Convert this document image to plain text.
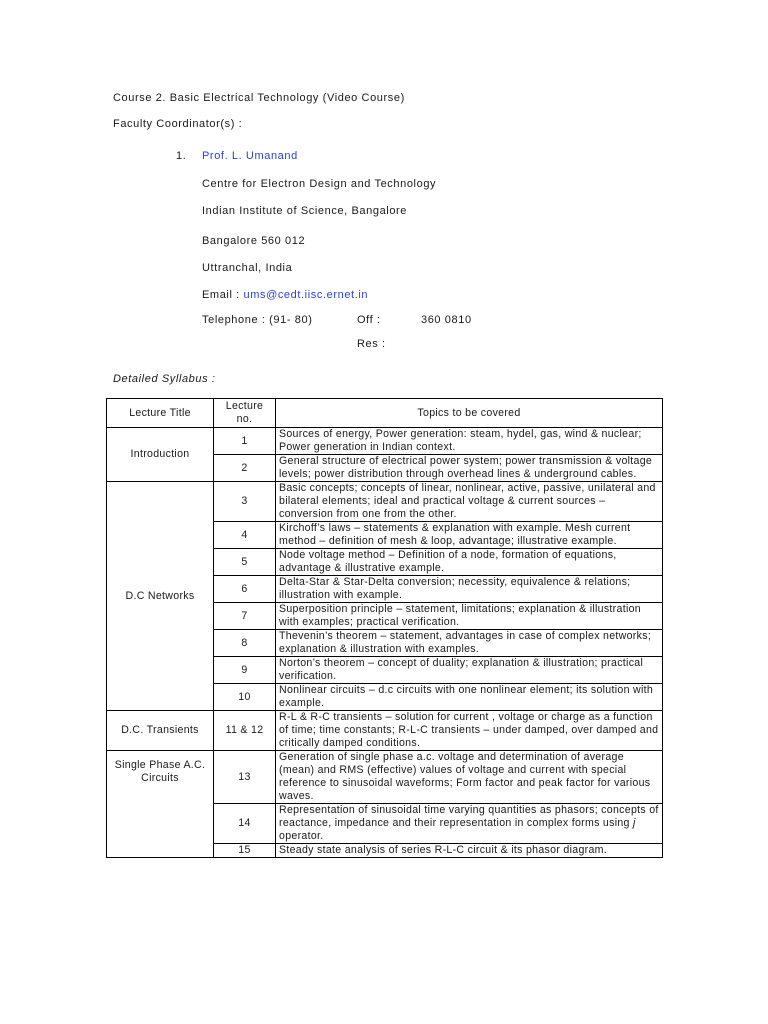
Course 2. Basic Electrical Technology (Video Course)
Faculty Coordinator(s) :
1. Prof. L. Umanand
Centre for Electron Design and Technology
Indian Institute of Science, Bangalore
Bangalore 560 012
Uttranchal, India
Email : ums@cedt.iisc.ernet.in
Telephone : (91- 80)	Off :	360 0810
Res :
Detailed Syllabus :
Lecture Title	Lecture no.	Topics to be covered
Introduction	1	Sources of energy, Power generation: steam, hydel, gas, wind & nuclear; Power generation in Indian context.
	2	General structure of electrical power system; power transmission & voltage levels; power distribution through overhead lines & underground cables.
D.C Networks	3	Basic concepts; concepts of linear, nonlinear, active, passive, unilateral and bilateral elements; ideal and practical voltage & current sources – conversion from one from the other.
	4	Kirchoff’s laws – statements & explanation with example. Mesh current method – definition of mesh & loop, advantage; illustrative example.
	5	Node voltage method – Definition of a node, formation of equations, advantage & illustrative example.
	6	Delta-Star & Star-Delta conversion; necessity, equivalence & relations; illustration with example.
	7	Superposition principle – statement, limitations; explanation & illustration with examples; practical verification.
	8	Thevenin’s theorem – statement, advantages in case of complex networks; explanation & illustration with examples.
	9	Norton’s theorem – concept of duality; explanation & illustration; practical verification.
	10	Nonlinear circuits – d.c circuits with one nonlinear element; its solution with example.
D.C. Transients	11 & 12	R-L & R-C transients – solution for current , voltage or charge as a function of time; time constants; R-L-C transients – under damped, over damped and critically damped conditions.
Single Phase A.C. Circuits	13	Generation of single phase a.c. voltage and determination of average (mean) and RMS (effective) values of voltage and current with special reference to sinusoidal waveforms; Form factor and peak factor for various waves.
	14	Representation of sinusoidal time varying quantities as phasors; concepts of reactance, impedance and their representation in complex forms using j operator.
	15	Steady state analysis of series R-L-C circuit & its phasor diagram.
